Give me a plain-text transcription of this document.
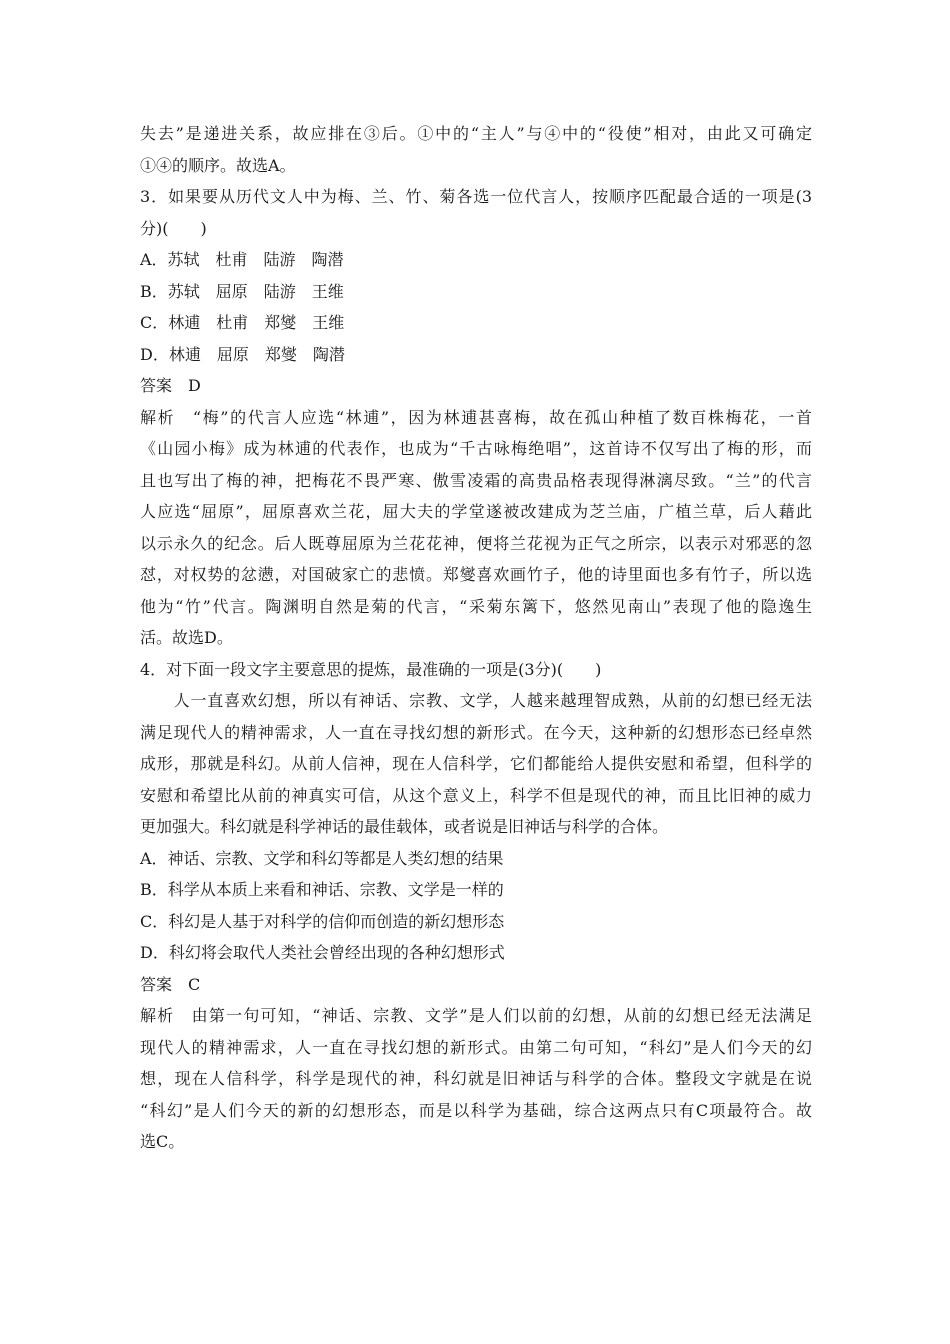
失去”是递进关系，故应排在③后。①中的“主人”与④中的“役使”相对，由此又可确定
①④的顺序。故选A。
3．如果要从历代文人中为梅、兰、竹、菊各选一位代言人，按顺序匹配最合适的一项是(3
分)(　　)
A．苏轼　杜甫　陆游　陶潜
B．苏轼　屈原　陆游　王维
C．林逋　杜甫　郑燮　王维
D．林逋　屈原　郑燮　陶潜
答案　D
解析　“梅”的代言人应选“林逋”，因为林逋甚喜梅，故在孤山种植了数百株梅花，一首
《山园小梅》成为林逋的代表作，也成为“千古咏梅绝唱”，这首诗不仅写出了梅的形，而
且也写出了梅的神，把梅花不畏严寒、傲雪凌霜的高贵品格表现得淋漓尽致。“兰”的代言
人应选“屈原”，屈原喜欢兰花，屈大夫的学堂遂被改建成为芝兰庙，广植兰草，后人藉此
以示永久的纪念。后人既尊屈原为兰花花神，便将兰花视为正气之所宗，以表示对邪恶的忽
怼，对权势的忿懑，对国破家亡的悲愤。郑燮喜欢画竹子，他的诗里面也多有竹子，所以选
他为“竹”代言。陶渊明自然是菊的代言，“采菊东篱下，悠然见南山”表现了他的隐逸生
活。故选D。
4．对下面一段文字主要意思的提炼，最准确的一项是(3分)(　　)
　　人一直喜欢幻想，所以有神话、宗教、文学，人越来越理智成熟，从前的幻想已经无法
满足现代人的精神需求，人一直在寻找幻想的新形式。在今天，这种新的幻想形态已经卓然
成形，那就是科幻。从前人信神，现在人信科学，它们都能给人提供安慰和希望，但科学的
安慰和希望比从前的神真实可信，从这个意义上，科学不但是现代的神，而且比旧神的威力
更加强大。科幻就是科学神话的最佳载体，或者说是旧神话与科学的合体。
A．神话、宗教、文学和科幻等都是人类幻想的结果
B．科学从本质上来看和神话、宗教、文学是一样的
C．科幻是人基于对科学的信仰而创造的新幻想形态
D．科幻将会取代人类社会曾经出现的各种幻想形式
答案　C
解析　由第一句可知，“神话、宗教、文学”是人们以前的幻想，从前的幻想已经无法满足
现代人的精神需求，人一直在寻找幻想的新形式。由第二句可知，“科幻”是人们今天的幻
想，现在人信科学，科学是现代的神，科幻就是旧神话与科学的合体。整段文字就是在说
“科幻”是人们今天的新的幻想形态，而是以科学为基础，综合这两点只有C项最符合。故
选C。
